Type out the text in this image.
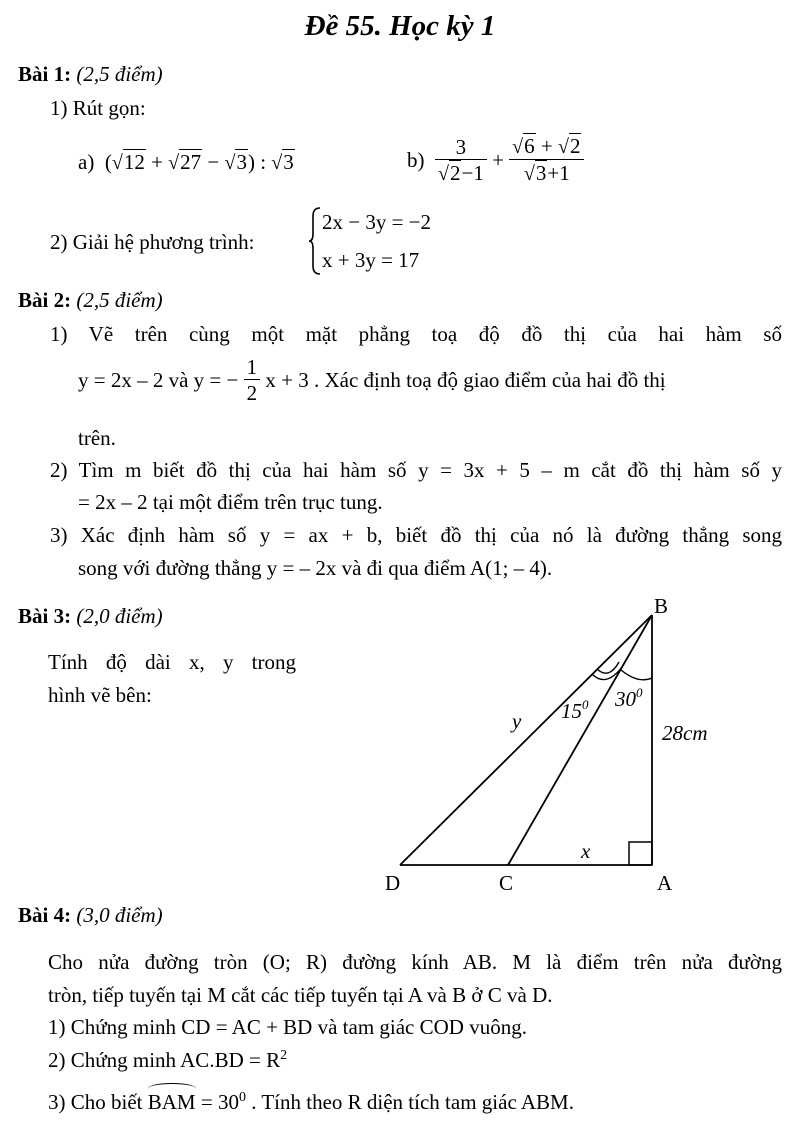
Đề 55. Học kỳ 1
Bài 1: (2,5 điểm)
1) Rút gọn:
a) (√12 + √27 − √3) : √3	$b) \frac{3}{√2-1} + \frac{√6 + √2}{√3+1}$
2) Giải hệ phương trình:
2x − 3y = −2
x + 3y = 17
Bài 2: (2,5 điểm)
1) Vẽ trên cùng một mặt phẳng toạ độ đồ thị của hai hàm số
y = 2x – 2 và y = − $\frac{1}{2}$ x + 3 . Xác định toạ độ giao điểm của hai đồ thị
trên.
2) Tìm m biết đồ thị của hai hàm số y = 3x + 5 – m cắt đồ thị hàm số y
= 2x – 2 tại một điểm trên trục tung.
3) Xác định hàm số y = ax + b, biết đồ thị của nó là đường thẳng song
song với đường thẳng y = – 2x và đi qua điểm A(1; – 4).
Bài 3: (2,0 điểm)
Tính độ dài x, y trong
hình vẽ bên:
B
D	C	A
y
x
28cm
$15^0$ $30^0$
Bài 4: (3,0 điểm)
Cho nửa đường tròn (O; R) đường kính AB. M là điểm trên nửa đường
tròn, tiếp tuyến tại M cắt các tiếp tuyến tại A và B ở C và D.
1) Chứng minh CD = AC + BD và tam giác COD vuông.
2) Chứng minh $AC.BD = R^2$
3) Cho biết BAM = $30^0$ . Tính theo R diện tích tam giác ABM.
